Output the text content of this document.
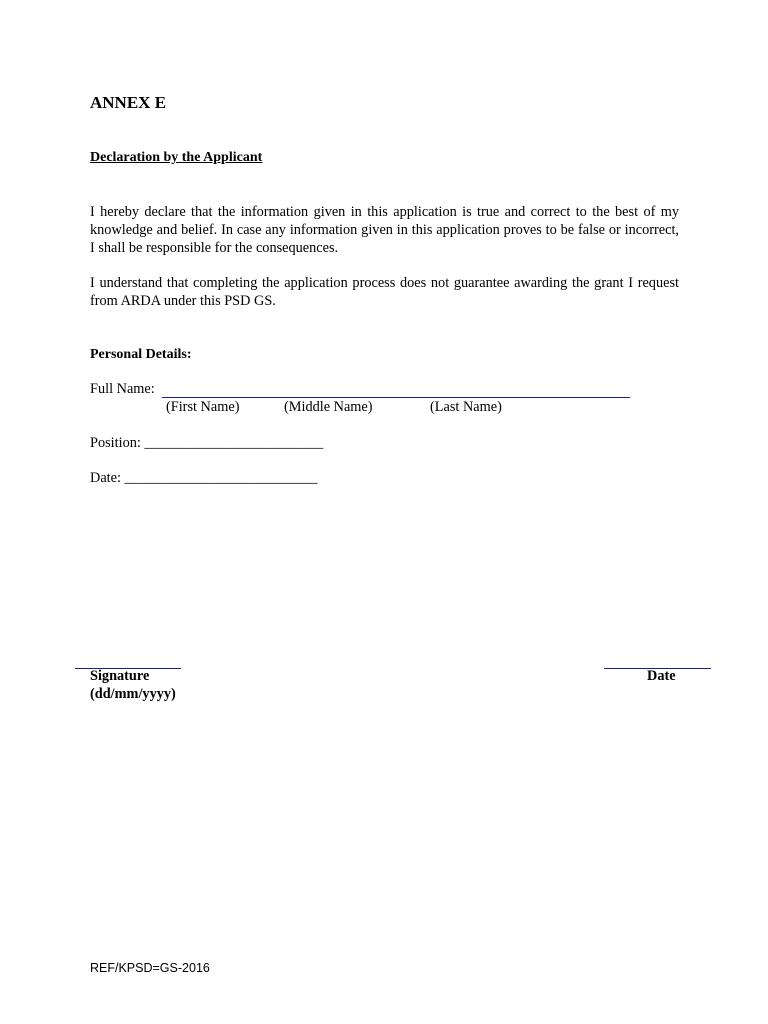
ANNEX E
Declaration by the Applicant

I hereby declare that the information given in this application is true and correct to the best of my knowledge and belief. In case any information given in this application proves to be false or incorrect, I shall be responsible for the consequences.

I understand that completing the application process does not guarantee awarding the grant I request from ARDA under this PSD GS.

Personal Details:
Full Name:
(First Name)	(Middle Name)	(Last Name)
Position: _________________________
Date: ___________________________
Signature
(dd/mm/yyyy)
Date
REF/KPSD=GS-2016
